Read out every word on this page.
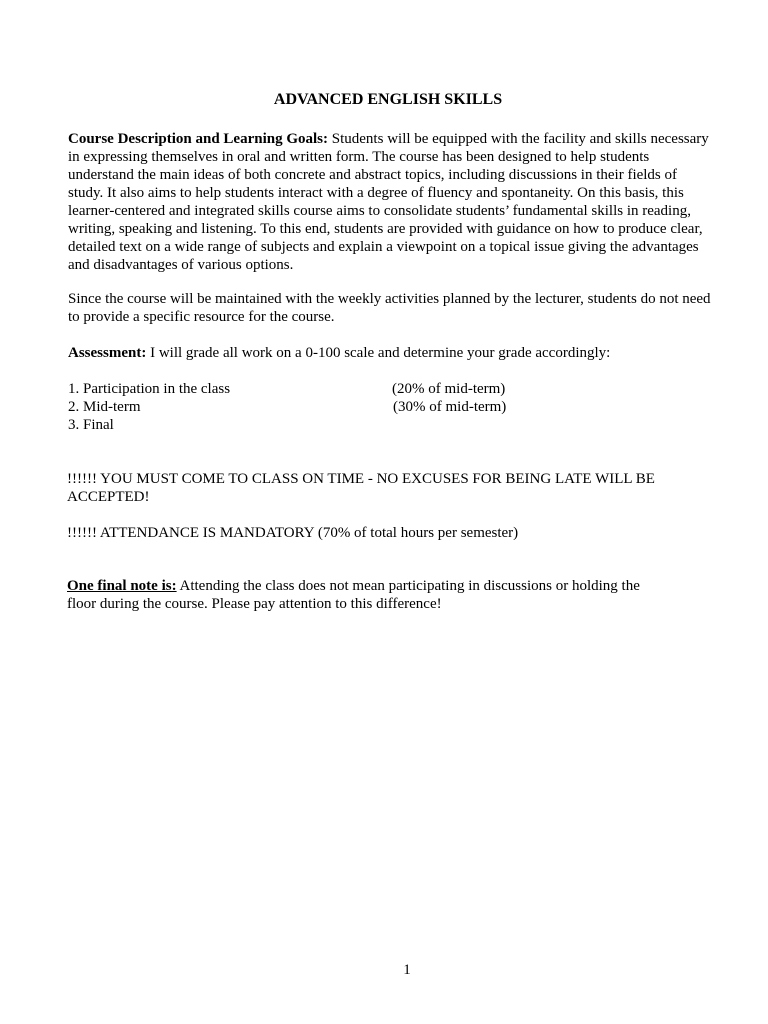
ADVANCED ENGLISH SKILLS
Course Description and Learning Goals: Students will be equipped with the facility and skills necessary in expressing themselves in oral and written form. The course has been designed to help students understand the main ideas of both concrete and abstract topics, including discussions in their fields of study. It also aims to help students interact with a degree of fluency and spontaneity. On this basis, this learner-centered and integrated skills course aims to consolidate students’ fundamental skills in reading, writing, speaking and listening. To this end, students are provided with guidance on how to produce clear, detailed text on a wide range of subjects and explain a viewpoint on a topical issue giving the advantages and disadvantages of various options.
Since the course will be maintained with the weekly activities planned by the lecturer, students do not need to provide a specific resource for the course.
Assessment: I will grade all work on a 0-100 scale and determine your grade accordingly:
1. Participation in the class	(20% of mid-term)
2. Mid-term	(30% of mid-term)
3. Final
!!!!!! YOU MUST COME TO CLASS ON TIME - NO EXCUSES FOR BEING LATE WILL BE ACCEPTED!
!!!!!! ATTENDANCE IS MANDATORY (70% of total hours per semester)
One final note is: Attending the class does not mean participating in discussions or holding the floor during the course. Please pay attention to this difference!
1
